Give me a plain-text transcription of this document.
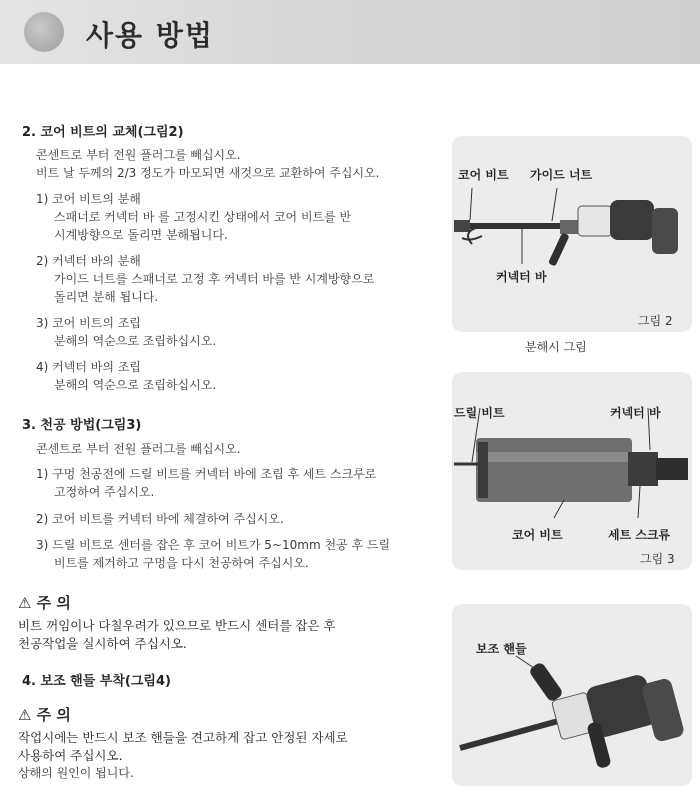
사용 방법
2. 코어 비트의 교체(그림2)
콘센트로 부터 전원 플러그를 빼십시오.
비트 날 두께의 2/3 정도가 마모되면 새것으로 교환하여 주십시오.
1) 코어 비트의 분해
스패너로 커넥터 바 를 고정시킨 상태에서 코어 비트를 반
시계방향으로 돌리면 분해됩니다.
2) 커넥터 바의 분해
가이드 너트를 스패너로 고정 후 커넥터 바를 반 시계방향으로
돌리면 분해 됩니다.
3) 코어 비트의 조립
분해의 역순으로 조립하십시오.
4) 커넥터 바의 조립
분해의 역순으로 조립하십시오.
3. 천공 방법(그림3)
콘센트로 부터 전원 플러그를 빼십시오.
1) 구멍 천공전에 드릴 비트를 커넥터 바에 조립 후 세트 스크루로
고정하여 주십시오.
2) 코어 비트를 커넥터 바에 체결하여 주십시오.
3) 드릴 비트로 센터를 잡은 후 코어 비트가 5~10mm 천공 후 드릴
비트를 제거하고 구멍을 다시 천공하여 주십시오.
⚠ 주 의
비트 꺼임이나 다칠우려가 있으므로 반드시 센터를 잡은 후
천공작업을 실시하여 주십시오.
4. 보조 핸들 부착(그림4)
⚠ 주 의
작업시에는 반드시 보조 핸들을 견고하게 잡고 안정된 자세로
사용하여 주십시오.
상해의 원인이 됩니다.
코어 비트 가이드 너트
커넥터 바
그림 2
분해시 그림
드릴 비트	커넥터 바
코어 비트	세트 스크류
그림 3
보조 핸들
